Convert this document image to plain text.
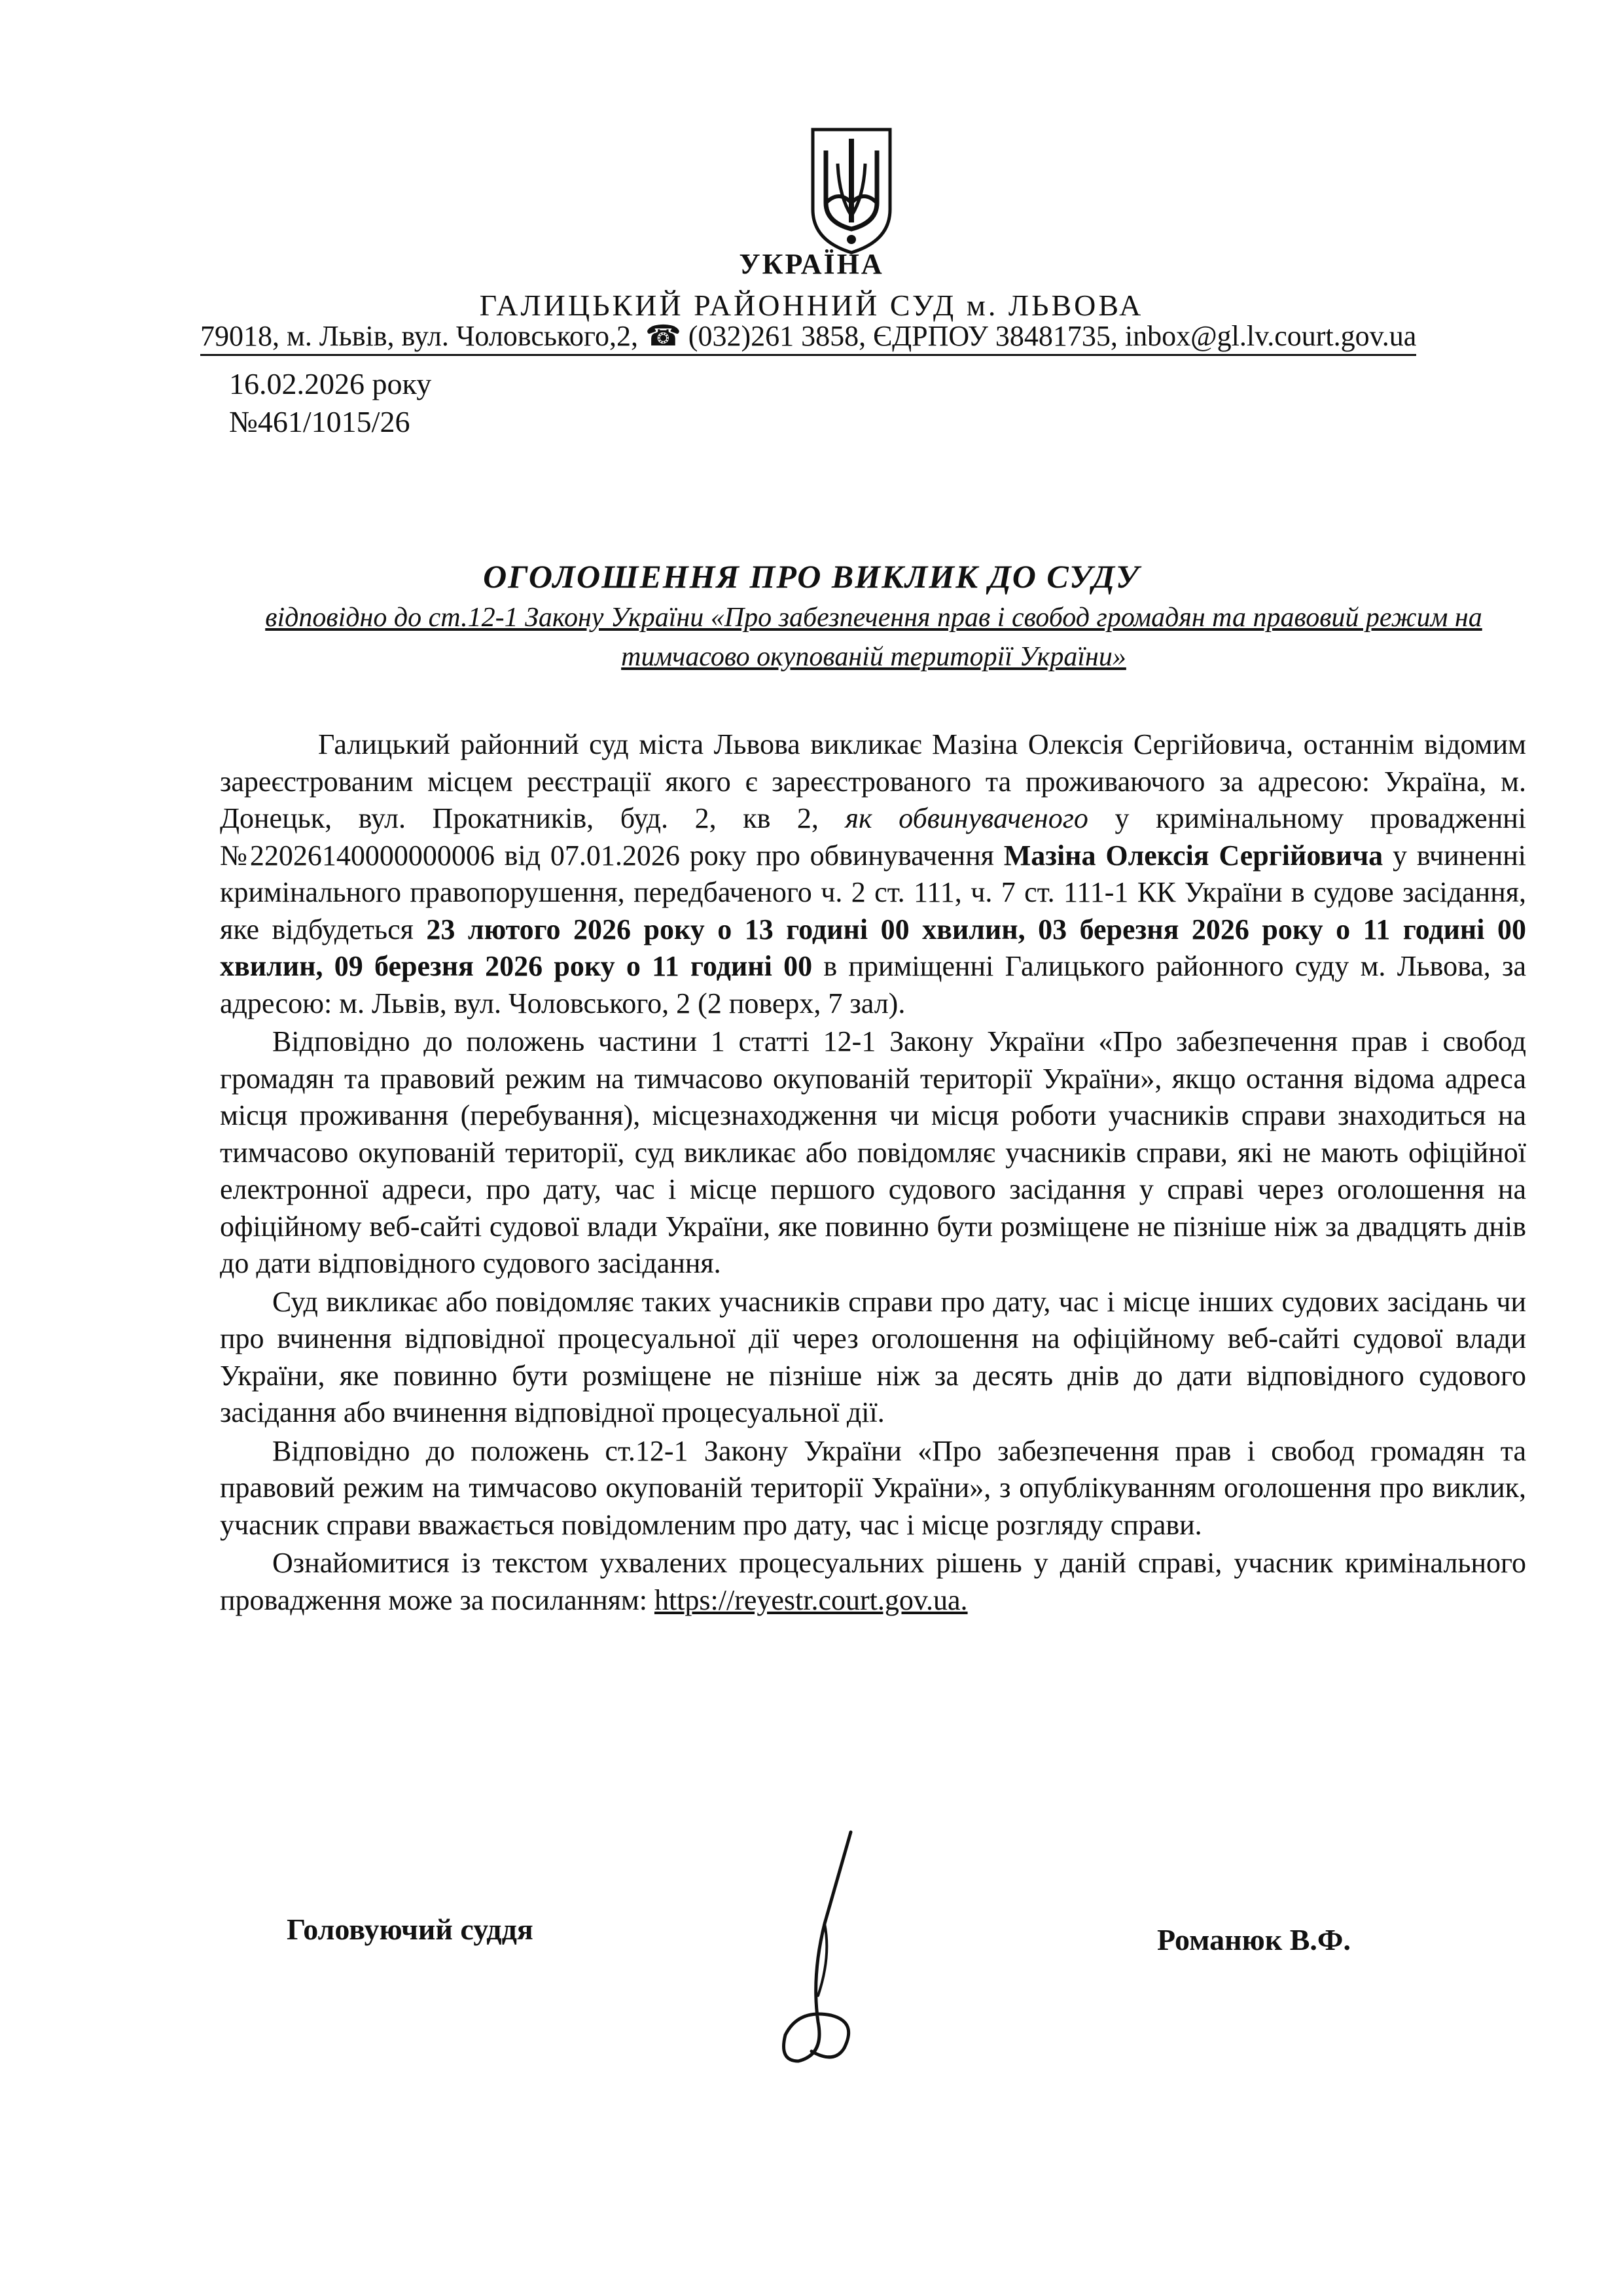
УКРАЇНА
ГАЛИЦЬКИЙ РАЙОННИЙ СУД м. ЛЬВОВА
79018, м. Львів, вул. Чоловського,2, ☎ (032)261 3858, ЄДРПОУ 38481735, inbox@gl.lv.court.gov.ua
16.02.2026 року
№461/1015/26
ОГОЛОШЕННЯ ПРО ВИКЛИК ДО СУДУ
відповідно до ст.12-1 Закону України «Про забезпечення прав і свобод громадян та правовий режим на тимчасово окупованій території України»

Галицький районний суд міста Львова викликає Мазіна Олексія Сергійовича, останнім відомим зареєстрованим місцем реєстрації якого є зареєстрованого та проживаючого за адресою: Україна, м. Донецьк, вул. Прокатників, буд. 2, кв 2, як обвинуваченого у кримінальному провадженні №22026140000000006 від 07.01.2026 року про обвинувачення Мазіна Олексія Сергійовича у вчиненні кримінального правопорушення, передбаченого ч. 2 ст. 111, ч. 7 ст. 111-1 КК України в судове засідання, яке відбудеться 23 лютого 2026 року о 13 годині 00 хвилин, 03 березня 2026 року о 11 годині 00 хвилин, 09 березня 2026 року о 11 годині 00 в приміщенні Галицького районного суду м. Львова, за адресою: м. Львів, вул. Чоловського, 2 (2 поверх, 7 зал).

Відповідно до положень частини 1 статті 12-1 Закону України «Про забезпечення прав і свобод громадян та правовий режим на тимчасово окупованій території України», якщо остання відома адреса місця проживання (перебування), місцезнаходження чи місця роботи учасників справи знаходиться на тимчасово окупованій території, суд викликає або повідомляє учасників справи, які не мають офіційної електронної адреси, про дату, час і місце першого судового засідання у справі через оголошення на офіційному веб-сайті судової влади України, яке повинно бути розміщене не пізніше ніж за двадцять днів до дати відповідного судового засідання.

Суд викликає або повідомляє таких учасників справи про дату, час і місце інших судових засідань чи про вчинення відповідної процесуальної дії через оголошення на офіційному веб-сайті судової влади України, яке повинно бути розміщене не пізніше ніж за десять днів до дати відповідного судового засідання або вчинення відповідної процесуальної дії.

Відповідно до положень ст.12-1 Закону України «Про забезпечення прав і свобод громадян та правовий режим на тимчасово окупованій території України», з опублікуванням оголошення про виклик, учасник справи вважається повідомленим про дату, час і місце розгляду справи.

Ознайомитися із текстом ухвалених процесуальних рішень у даній справі, учасник кримінального провадження може за посиланням: https://reyestr.court.gov.ua.

Головуючий суддя	Романюк В.Ф.
